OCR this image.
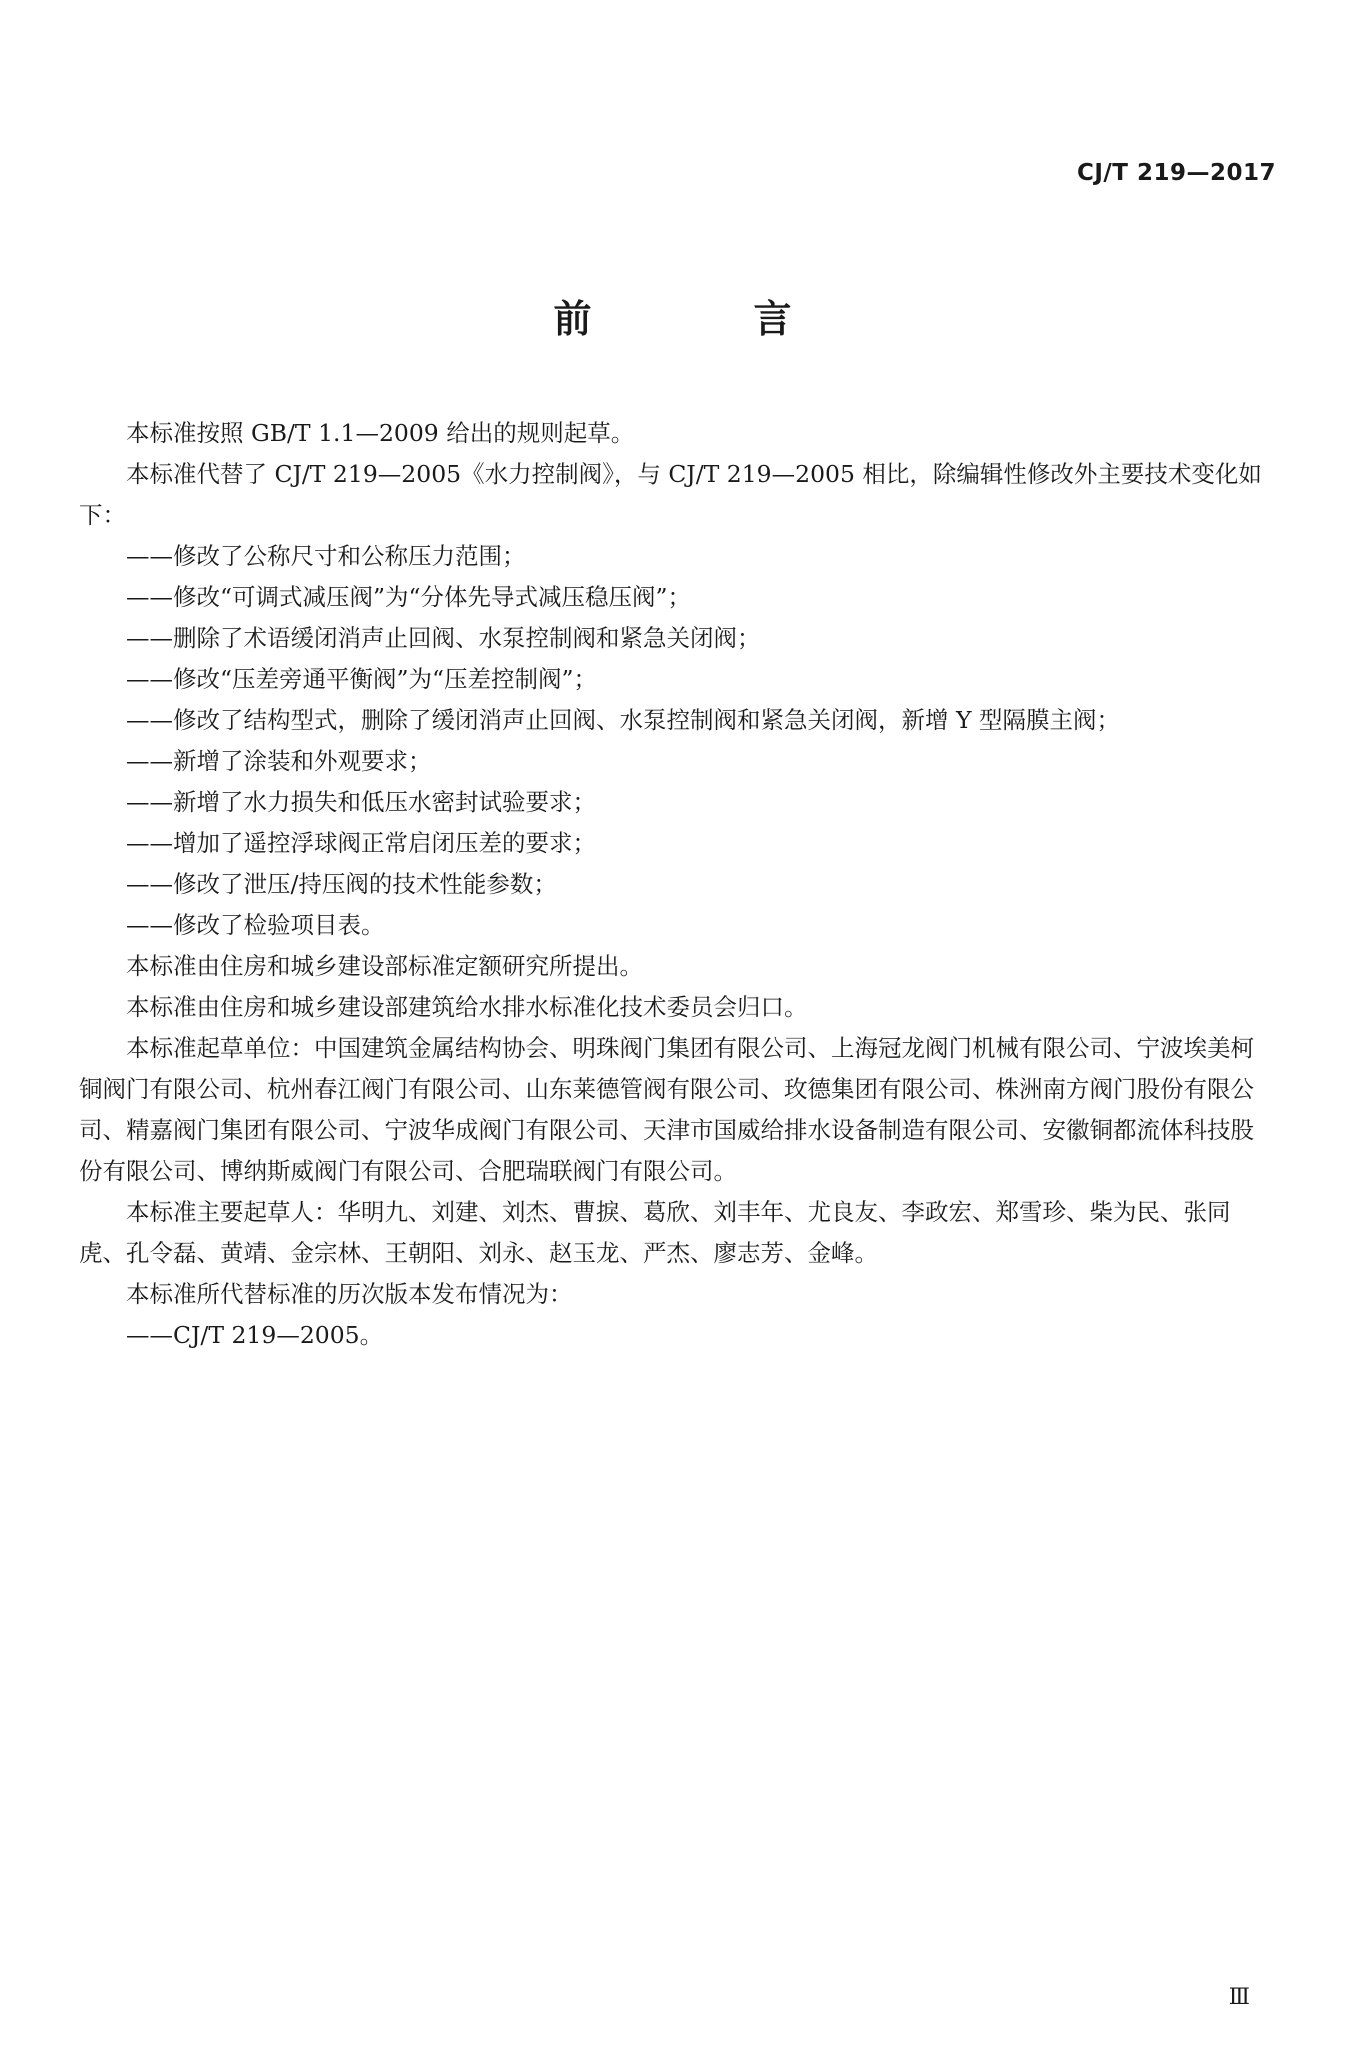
CJ/T 219—2017
前　言

本标准按照 GB/T 1.1—2009 给出的规则起草。

本标准代替了 CJ/T 219—2005《水力控制阀》，与 CJ/T 219—2005 相比，除编辑性修改外主要技术变化如下：

——修改了公称尺寸和公称压力范围；

——修改“可调式减压阀”为“分体先导式减压稳压阀”；

——删除了术语缓闭消声止回阀、水泵控制阀和紧急关闭阀；

——修改“压差旁通平衡阀”为“压差控制阀”；

——修改了结构型式，删除了缓闭消声止回阀、水泵控制阀和紧急关闭阀，新增 Y 型隔膜主阀；

——新增了涂装和外观要求；

——新增了水力损失和低压水密封试验要求；

——增加了遥控浮球阀正常启闭压差的要求；

——修改了泄压/持压阀的技术性能参数；

——修改了检验项目表。

本标准由住房和城乡建设部标准定额研究所提出。

本标准由住房和城乡建设部建筑给水排水标准化技术委员会归口。

本标准起草单位：中国建筑金属结构协会、明珠阀门集团有限公司、上海冠龙阀门机械有限公司、宁波埃美柯铜阀门有限公司、杭州春江阀门有限公司、山东莱德管阀有限公司、玫德集团有限公司、株洲南方阀门股份有限公司、精嘉阀门集团有限公司、宁波华成阀门有限公司、天津市国威给排水设备制造有限公司、安徽铜都流体科技股份有限公司、博纳斯威阀门有限公司、合肥瑞联阀门有限公司。

本标准主要起草人：华明九、刘建、刘杰、曹捩、葛欣、刘丰年、尤良友、李政宏、郑雪珍、柴为民、张同虎、孔令磊、黄靖、金宗林、王朝阳、刘永、赵玉龙、严杰、廖志芳、金峰。

本标准所代替标准的历次版本发布情况为：

——CJ/T 219—2005。

Ⅲ
